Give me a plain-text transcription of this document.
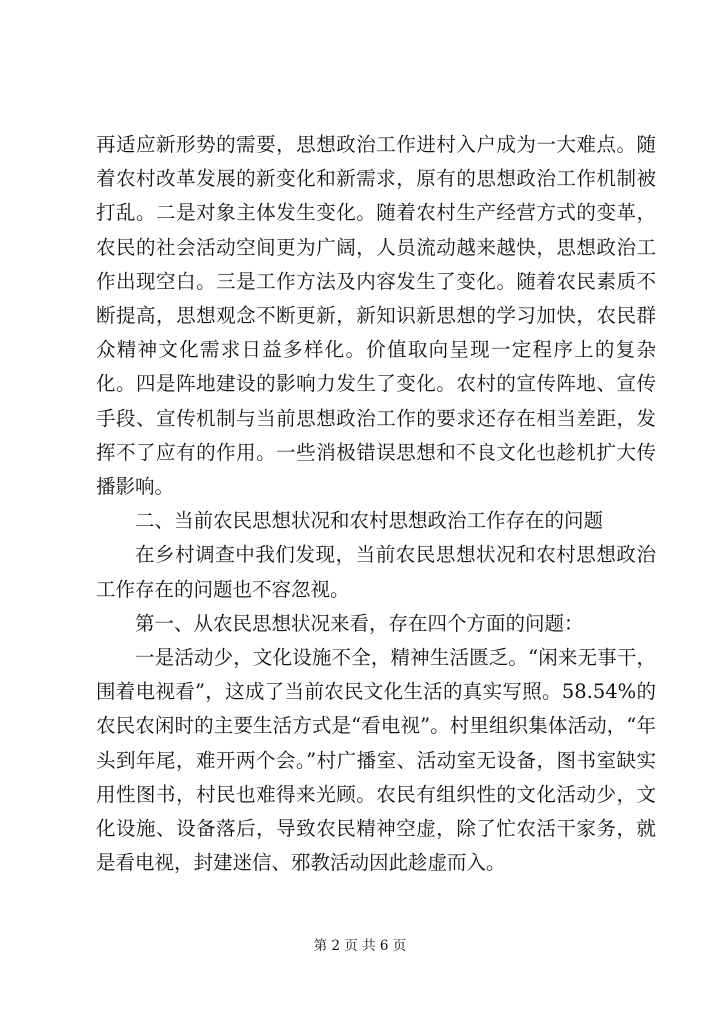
再适应新形势的需要，思想政治工作进村入户成为一大难点。随着农村改革发展的新变化和新需求，原有的思想政治工作机制被打乱。二是对象主体发生变化。随着农村生产经营方式的变革，农民的社会活动空间更为广阔，人员流动越来越快，思想政治工作出现空白。三是工作方法及内容发生了变化。随着农民素质不断提高，思想观念不断更新，新知识新思想的学习加快，农民群众精神文化需求日益多样化。价值取向呈现一定程序上的复杂化。四是阵地建设的影响力发生了变化。农村的宣传阵地、宣传手段、宣传机制与当前思想政治工作的要求还存在相当差距，发挥不了应有的作用。一些消极错误思想和不良文化也趁机扩大传播影响。

二、当前农民思想状况和农村思想政治工作存在的问题

在乡村调查中我们发现，当前农民思想状况和农村思想政治工作存在的问题也不容忽视。

第一、从农民思想状况来看，存在四个方面的问题：

一是活动少，文化设施不全，精神生活匮乏。“闲来无事干，围着电视看”，这成了当前农民文化生活的真实写照。58.54%的农民农闲时的主要生活方式是“看电视”。村里组织集体活动，“年头到年尾，难开两个会。”村广播室、活动室无设备，图书室缺实用性图书，村民也难得来光顾。农民有组织性的文化活动少，文化设施、设备落后，导致农民精神空虚，除了忙农活干家务，就是看电视，封建迷信、邪教活动因此趁虚而入。

第 2 页 共 6 页
